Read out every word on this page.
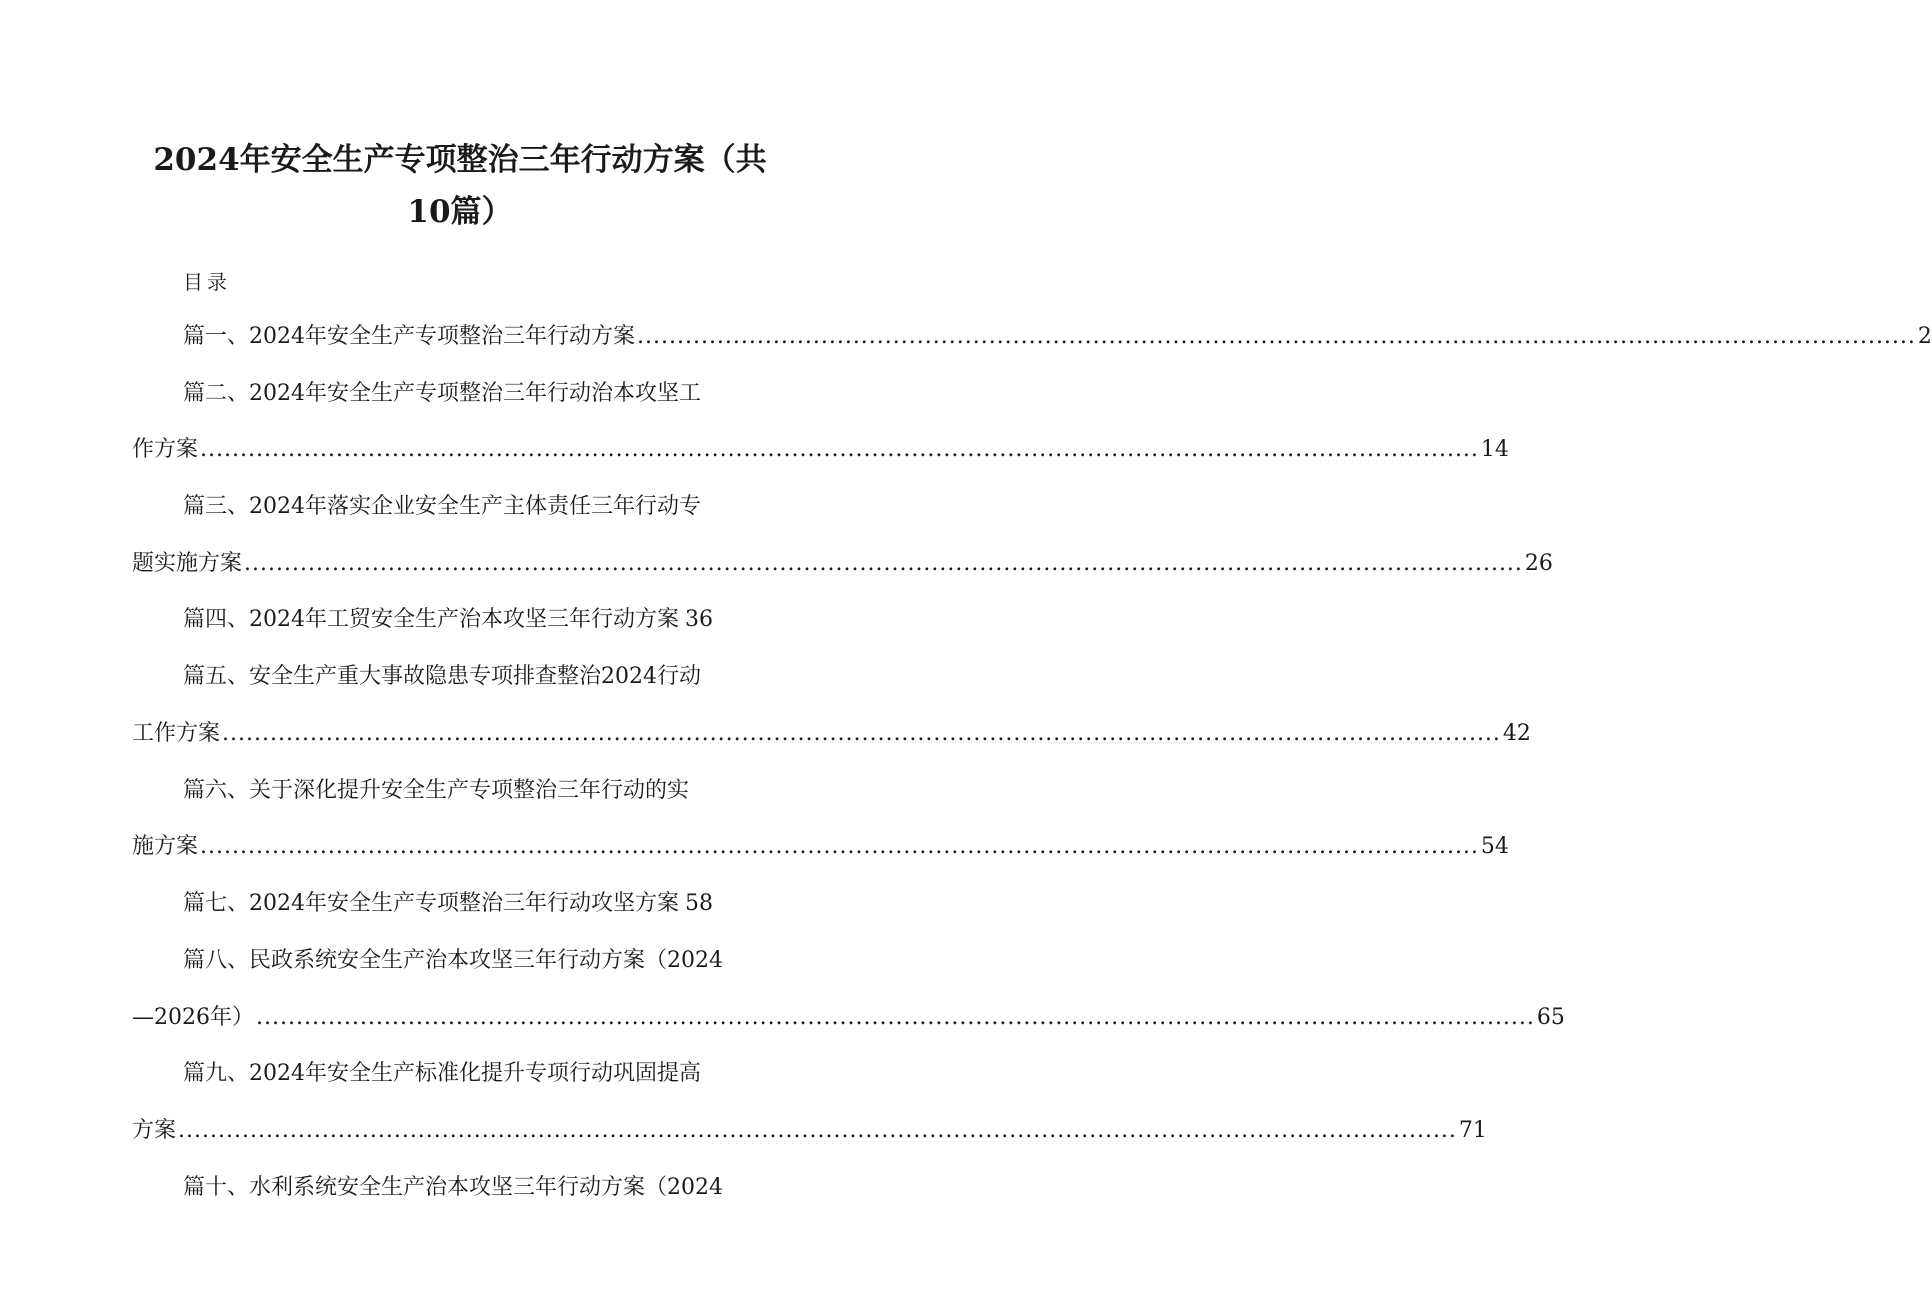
2024年安全生产专项整治三年行动方案（共
10篇）
目录
篇一、2024年安全生产专项整治三年行动方案 ................................................................................................................................................................ 2
篇二、2024年安全生产专项整治三年行动治本攻坚工
作方案 ................................................................................................................................................................ 14
篇三、2024年落实企业安全生产主体责任三年行动专
题实施方案 ................................................................................................................................................................ 26
篇四、2024年工贸安全生产治本攻坚三年行动方案 36
篇五、安全生产重大事故隐患专项排查整治2024行动
工作方案 ................................................................................................................................................................ 42
篇六、关于深化提升安全生产专项整治三年行动的实
施方案 ................................................................................................................................................................ 54
篇七、2024年安全生产专项整治三年行动攻坚方案 58
篇八、民政系统安全生产治本攻坚三年行动方案（2024
—2026年） ................................................................................................................................................................ 65
篇九、2024年安全生产标准化提升专项行动巩固提高
方案 ................................................................................................................................................................ 71
篇十、水利系统安全生产治本攻坚三年行动方案（2024
